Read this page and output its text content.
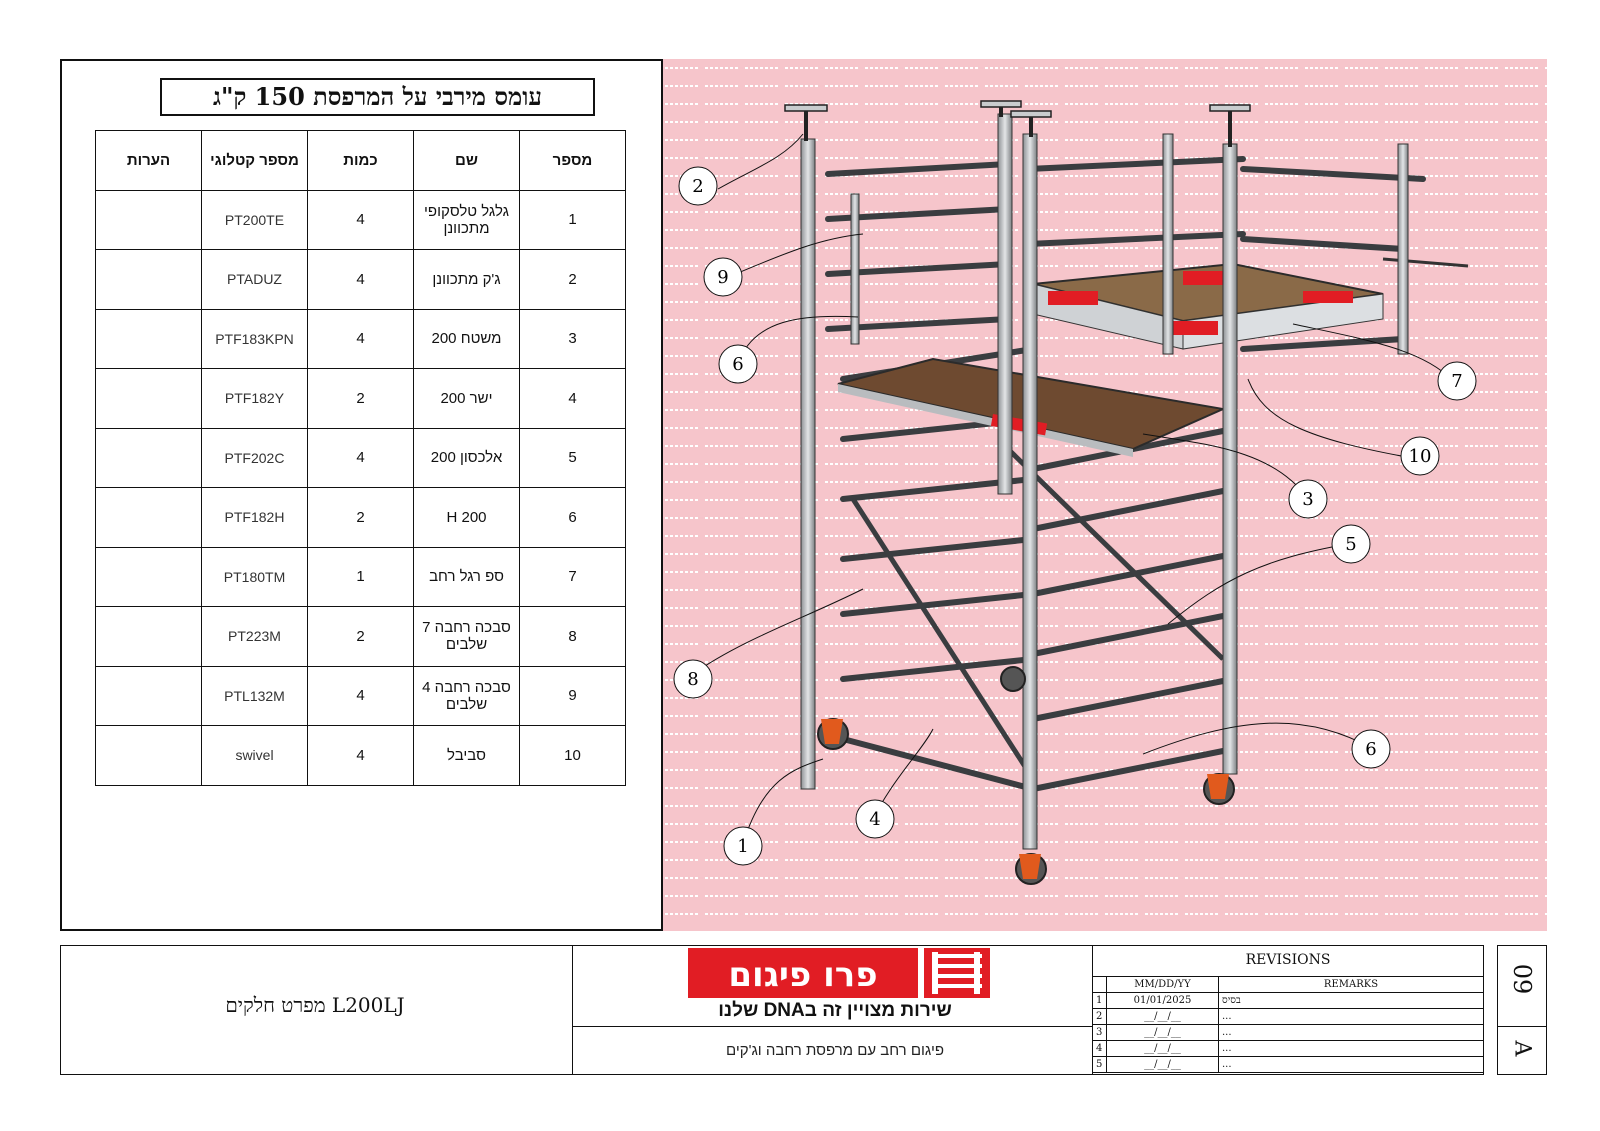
עומס מירבי על המרפסת 150 ק"ג
מספר	שם	כמות	מספר קטלוגי	הערות
1	גלגל טלסקופי מתכוונן	4	PT200TE	
2	ג'ק מתכוונן	4	PTADUZ	
3	משטח 200	4	PTF183KPN	
4	ישר 200	2	PTF182Y	
5	אלכסון 200	4	PTF202C	
6	H 200	2	PTF182H	
7	ספ רגל רחב	1	PT180TM	
8	סבכה רחבה 7 שלבים	2	PT223M	
9	סבכה רחבה 4 שלבים	4	PTL132M	
10	סביבל	4	swivel	
2
9
6
7
10
3
5
8
6
4
1
L200LJ מפרט חלקים
פרו פיגום
שירות מצויין זה בDNA שלנו
פיגום רחב עם מרפסת רחבה וג'קים
REVISIONS
	MM/DD/YY	REMARKS
1	01/01/2025	בסיס
2	__/__/__	...
3	__/__/__	...
4	__/__/__	...
5	__/__/__	...
09
A
